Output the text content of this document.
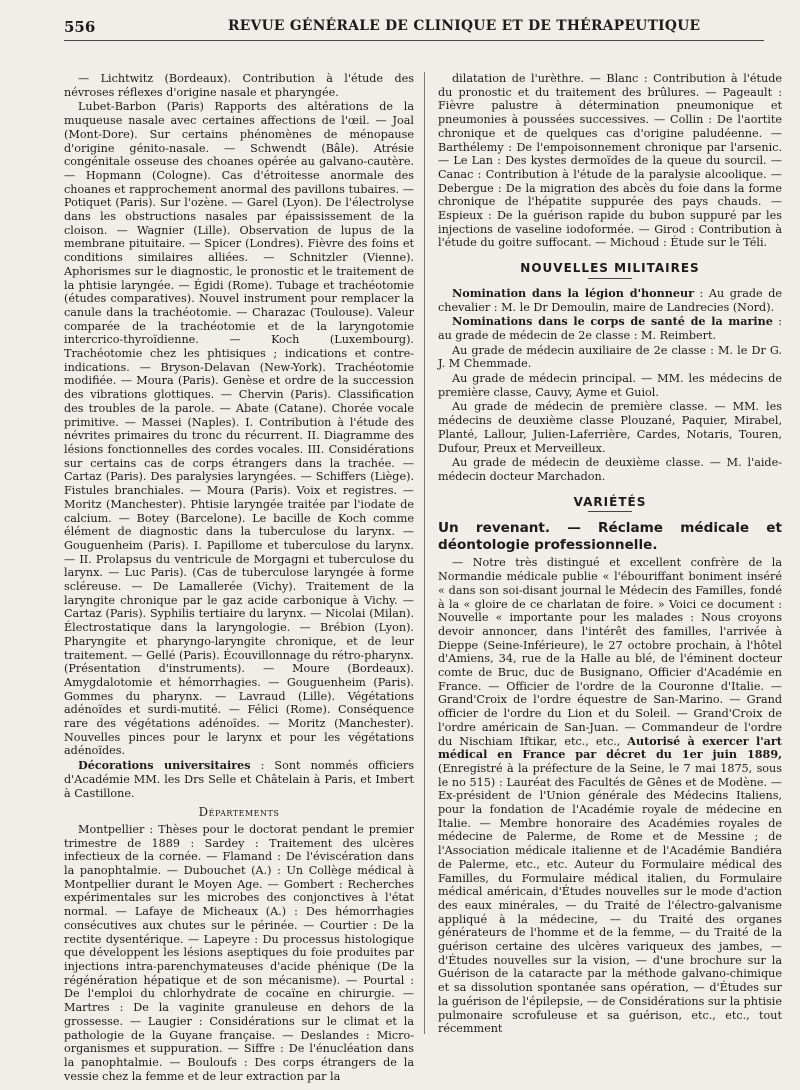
556	REVUE GÉNÉRALE DE CLINIQUE ET DE THÉRAPEUTIQUE

— Lichtwitz (Bordeaux). Contribution à l'étude des névroses réflexes d'origine nasale et pharyngée.

Lubet-Barbon (Paris) Rapports des altérations de la muqueuse nasale avec certaines affections de l'œil. — Joal (Mont-Dore). Sur certains phénomènes de ménopause d'origine génito-nasale. — Schwendt (Bâle). Atrésie congénitale osseuse des choanes opérée au galvano-cautère. — Hopmann (Cologne). Cas d'étroitesse anormale des choanes et rapprochement anormal des pavillons tubaires. — Potiquet (Paris). Sur l'ozène. — Garel (Lyon). De l'électrolyse dans les obstructions nasales par épaississement de la cloison. — Wagnier (Lille). Observation de lupus de la membrane pituitaire. — Spicer (Londres). Fièvre des foins et conditions similaires alliées. — Schnitzler (Vienne). Aphorismes sur le diagnostic, le pronostic et le traitement de la phtisie laryngée. — Égidi (Rome). Tubage et trachéotomie (études comparatives). Nouvel instrument pour remplacer la canule dans la trachéotomie. — Charazac (Toulouse). Valeur comparée de la trachéotomie et de la laryngotomie intercrico-thyroïdienne. — Koch (Luxembourg). Trachéotomie chez les phtisiques ; indications et contre-indications. — Bryson-Delavan (New-York). Trachéotomie modifiée. — Moura (Paris). Genèse et ordre de la succession des vibrations glottiques. — Chervin (Paris). Classification des troubles de la parole. — Abate (Catane). Chorée vocale primitive. — Massei (Naples). I. Contribution à l'étude des névrites primaires du tronc du récurrent. II. Diagramme des lésions fonctionnelles des cordes vocales. III. Considérations sur certains cas de corps étrangers dans la trachée. — Cartaz (Paris). Des paralysies laryngées. — Schiffers (Liège). Fistules branchiales. — Moura (Paris). Voix et registres. — Moritz (Manchester). Phtisie laryngée traitée par l'iodate de calcium. — Botey (Barcelone). Le bacille de Koch comme élément de diagnostic dans la tuberculose du larynx. — Gouguenheim (Paris). I. Papillome et tuberculose du larynx. — II. Prolapsus du ventricule de Morgagni et tuberculose du larynx. — Luc Paris). (Cas de tuberculose laryngée à forme scléreuse. — De Lamallerée (Vichy). Traitement de la laryngite chronique par le gaz acide carbonique à Vichy. — Cartaz (Paris). Syphilis tertiaire du larynx. — Nicolai (Milan). Électrostatique dans la laryngologie. — Brébion (Lyon). Pharyngite et pharyngo-laryngite chronique, et de leur traitement. — Gellé (Paris). Écouvillonnage du rétro-pharynx. (Présentation d'instruments). — Moure (Bordeaux). Amygdalotomie et hémorrhagies. — Gouguenheim (Paris). Gommes du pharynx. — Lavraud (Lille). Végétations adénoïdes et surdi-mutité. — Félici (Rome). Conséquence rare des végétations adénoïdes. — Moritz (Manchester). Nouvelles pinces pour le larynx et pour les végétations adénoïdes.

Décorations universitaires : Sont nommés officiers d'Académie MM. les Drs Selle et Châtelain à Paris, et Imbert à Castillone.

Départements

Montpellier : Thèses pour le doctorat pendant le premier trimestre de 1889 : Sardey : Traitement des ulcères infectieux de la cornée. — Flamand : De l'éviscération dans la panophtalmie. — Dubouchet (A.) : Un Collège médical à Montpellier durant le Moyen Age. — Gombert : Recherches expérimentales sur les microbes des conjonctives à l'état normal. — Lafaye de Micheaux (A.) : Des hémorrhagies consécutives aux chutes sur le périnée. — Courtier : De la rectite dysentérique. — Lapeyre : Du processus histologique que développent les lésions aseptiques du foie produites par injections intra-parenchymateuses d'acide phénique (De la régénération hépatique et de son mécanisme). — Pourtal : De l'emploi du chlorhydrate de cocaïne en chirurgie. — Martres : De la vaginite granuleuse en dehors de la grossesse. — Laugier : Considérations sur le climat et la pathologie de la Guyane française. — Deslandes : Micro-organismes et suppuration. — Siffre : De l'énucléation dans la panophtalmie. — Bouloufs : Des corps étrangers de la vessie chez la femme et de leur extraction par la

dilatation de l'urèthre. — Blanc : Contribution à l'étude du pronostic et du traitement des brûlures. — Pageault : Fièvre palustre à détermination pneumonique et pneumonies à poussées successives. — Collin : De l'aortite chronique et de quelques cas d'origine paludéenne. — Barthélemy : De l'empoisonnement chronique par l'arsenic. — Le Lan : Des kystes dermoïdes de la queue du sourcil. — Canac : Contribution à l'étude de la paralysie alcoolique. — Debergue : De la migration des abcès du foie dans la forme chronique de l'hépatite suppurée des pays chauds. — Espieux : De la guérison rapide du bubon suppuré par les injections de vaseline iodoformée. — Girod : Contribution à l'étude du goitre suffocant. — Michoud : Étude sur le Téli.

NOUVELLES MILITAIRES

Nomination dans la légion d'honneur : Au grade de chevalier : M. le Dr Demoulin, maire de Landrecies (Nord).

Nominations dans le corps de santé de la marine : au grade de médecin de 2e classe : M. Reimbert.

Au grade de médecin auxiliaire de 2e classe : M. le Dr G. J. M Chemmade.

Au grade de médecin principal. — MM. les médecins de première classe, Cauvy, Ayme et Guiol.

Au grade de médecin de première classe. — MM. les médecins de deuxième classe Plouzané, Paquier, Mirabel, Planté, Lallour, Julien-Laferrière, Cardes, Notaris, Touren, Dufour, Preux et Merveilleux.

Au grade de médecin de deuxième classe. — M. l'aide-médecin docteur Marchadon.

VARIÉTÉS

Un revenant. — Réclame médicale et déontologie professionnelle.

— Notre très distingué et excellent confrère de la Normandie médicale publie « l'ébouriffant boniment inséré « dans son soi-disant journal le Médecin des Familles, fondé à la « gloire de ce charlatan de foire. » Voici ce document : Nouvelle « importante pour les malades : Nous croyons devoir annoncer, dans l'intérêt des familles, l'arrivée à Dieppe (Seine-Inférieure), le 27 octobre prochain, à l'hôtel d'Amiens, 34, rue de la Halle au blé, de l'éminent docteur comte de Bruc, duc de Busignano, Officier d'Académie en France. — Officier de l'ordre de la Couronne d'Italie. — Grand'Croix de l'ordre équestre de San-Marino. — Grand officier de l'ordre du Lion et du Soleil. — Grand'Croix de l'ordre américain de San-Juan. — Commandeur de l'ordre du Nischiam Iftikar, etc., etc., Autorisé à exercer l'art médical en France par décret du 1er juin 1889, (Enregistré à la préfecture de la Seine, le 7 mai 1875, sous le no 515) : Lauréat des Facultés de Gênes et de Modène. — Ex-président de l'Union générale des Médecins Italiens, pour la fondation de l'Académie royale de médecine en Italie. — Membre honoraire des Académies royales de médecine de Palerme, de Rome et de Messine ; de l'Association médicale italienne et de l'Académie Bandiéra de Palerme, etc., etc. Auteur du Formulaire médical des Familles, du Formulaire médical italien, du Formulaire médical américain, d'Études nouvelles sur le mode d'action des eaux minérales, — du Traité de l'électro-galvanisme appliqué à la médecine, — du Traité des organes générateurs de l'homme et de la femme, — du Traité de la guérison certaine des ulcères variqueux des jambes, — d'Études nouvelles sur la vision, — d'une brochure sur la Guérison de la cataracte par la méthode galvano-chimique et sa dissolution spontanée sans opération, — d'Études sur la guérison de l'épilepsie, — de Considérations sur la phtisie pulmonaire scrofuleuse et sa guérison, etc., etc., tout récemment
